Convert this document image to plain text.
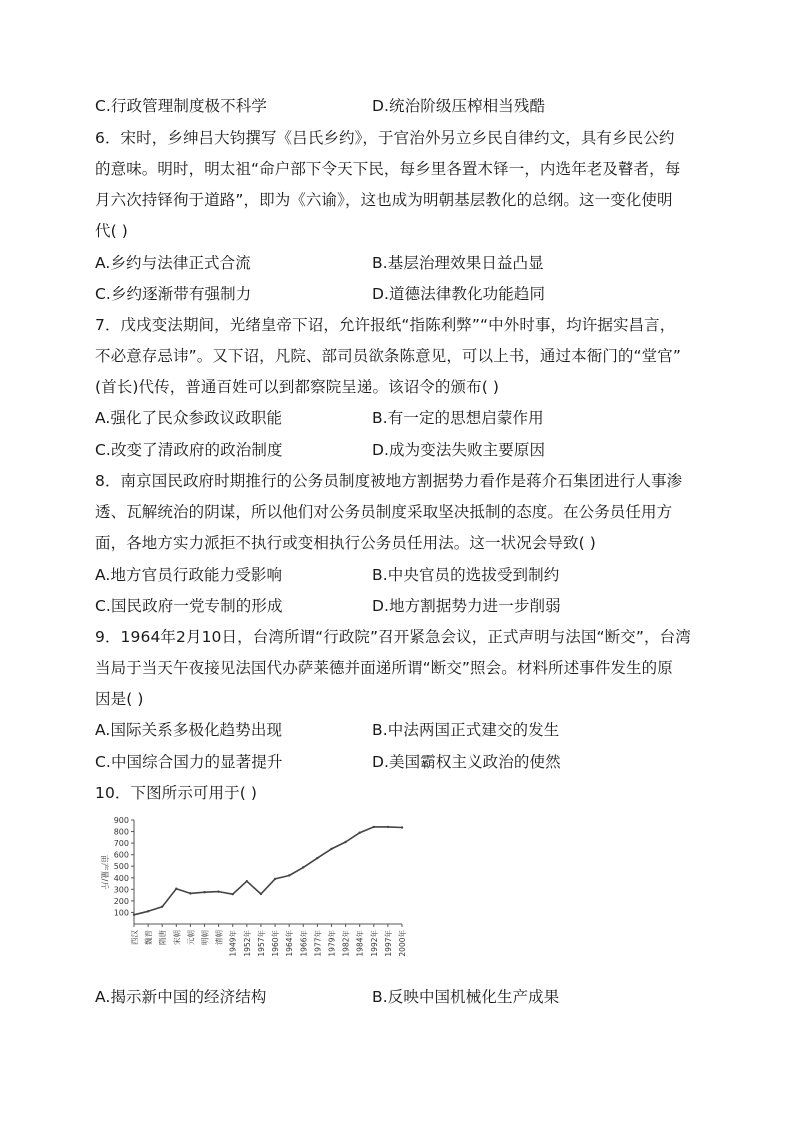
C.行政管理制度极不科学	D.统治阶级压榨相当残酷
6．宋时，乡绅吕大钧撰写《吕氏乡约》，于官治外另立乡民自律约文，具有乡民公约
的意味。明时，明太祖“命户部下令天下民，每乡里各置木铎一，内选年老及瞽者，每
月六次持铎徇于道路”，即为《六谕》，这也成为明朝基层教化的总纲。这一变化使明
代( )
A.乡约与法律正式合流	B.基层治理效果日益凸显
C.乡约逐渐带有强制力	D.道德法律教化功能趋同
7．戊戌变法期间，光绪皇帝下诏，允许报纸“指陈利弊”“中外时事，均许据实昌言，
不必意存忌讳”。又下诏，凡院、部司员欲条陈意见，可以上书，通过本衙门的“堂官”
(首长)代传，普通百姓可以到都察院呈递。该诏令的颁布( )
A.强化了民众参政议政职能	B.有一定的思想启蒙作用
C.改变了清政府的政治制度	D.成为变法失败主要原因
8．南京国民政府时期推行的公务员制度被地方割据势力看作是蒋介石集团进行人事渗
透、瓦解统治的阴谋，所以他们对公务员制度采取坚决抵制的态度。在公务员任用方
面，各地方实力派拒不执行或变相执行公务员任用法。这一状况会导致( )
A.地方官员行政能力受影响	B.中央官员的选拔受到制约
C.国民政府一党专制的形成	D.地方割据势力进一步削弱
9．1964年2月10日，台湾所谓“行政院”召开紧急会议，正式声明与法国“断交”，台湾
当局于当天午夜接见法国代办萨莱德并面递所谓“断交”照会。材料所述事件发生的原
因是( )
A.国际关系多极化趋势出现	B.中法两国正式建交的发生
C.中国综合国力的显著提升	D.美国霸权主义政治的使然
10．下图所示可用于( )
100
200
300
400
500
600
700
800
900
西汉 魏晋 隋唐 宋朝 元朝 明朝 清朝 1949年 1952年 1957年 1960年 1964年 1966年 1977年 1979年 1982年 1984年 1992年 1997年 2000年
亩产量/斤
A.揭示新中国的经济结构	B.反映中国机械化生产成果
